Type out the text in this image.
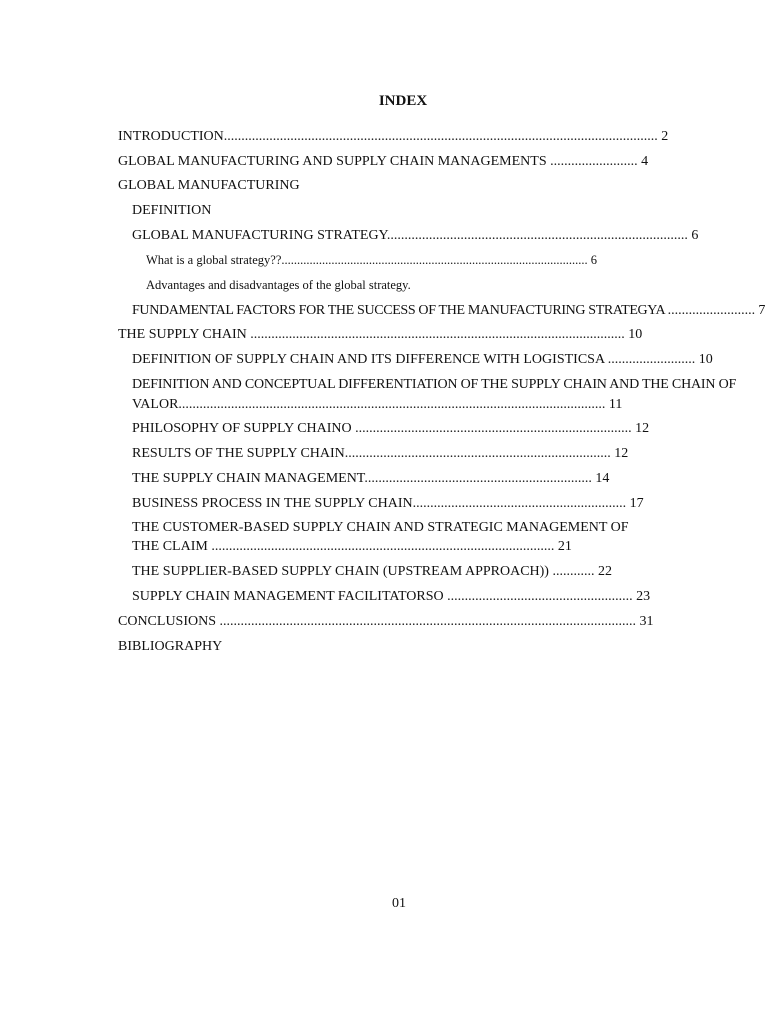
INDEX
INTRODUCTION............................................................................................................................ 2
GLOBAL MANUFACTURING AND SUPPLY CHAIN MANAGEMENTS ......................... 4
GLOBAL MANUFACTURING
DEFINITION
GLOBAL MANUFACTURING STRATEGY...................................................................................... 6
What is a global strategy??.................................................................................................. 6
Advantages and disadvantages of the global strategy.
FUNDAMENTAL FACTORS FOR THE SUCCESS OF THE MANUFACTURING STRATEGYA ......................... 7
THE SUPPLY CHAIN ........................................................................................................... 10
DEFINITION OF SUPPLY CHAIN AND ITS DIFFERENCE WITH LOGISTICSA ......................... 10
DEFINITION AND CONCEPTUAL DIFFERENTIATION OF THE SUPPLY CHAIN AND THE CHAIN OF
VALOR.......................................................................................................................... 11
PHILOSOPHY OF SUPPLY CHAINO ............................................................................... 12
RESULTS OF THE SUPPLY CHAIN............................................................................ 12
THE SUPPLY CHAIN MANAGEMENT................................................................. 14
BUSINESS PROCESS IN THE SUPPLY CHAIN............................................................. 17
THE CUSTOMER-BASED SUPPLY CHAIN AND STRATEGIC MANAGEMENT OF
THE CLAIM .................................................................................................. 21
THE SUPPLIER-BASED SUPPLY CHAIN (UPSTREAM APPROACH)) ............ 22
SUPPLY CHAIN MANAGEMENT FACILITATORSO ..................................................... 23
CONCLUSIONS ....................................................................................................................... 31
BIBLIOGRAPHY
01
